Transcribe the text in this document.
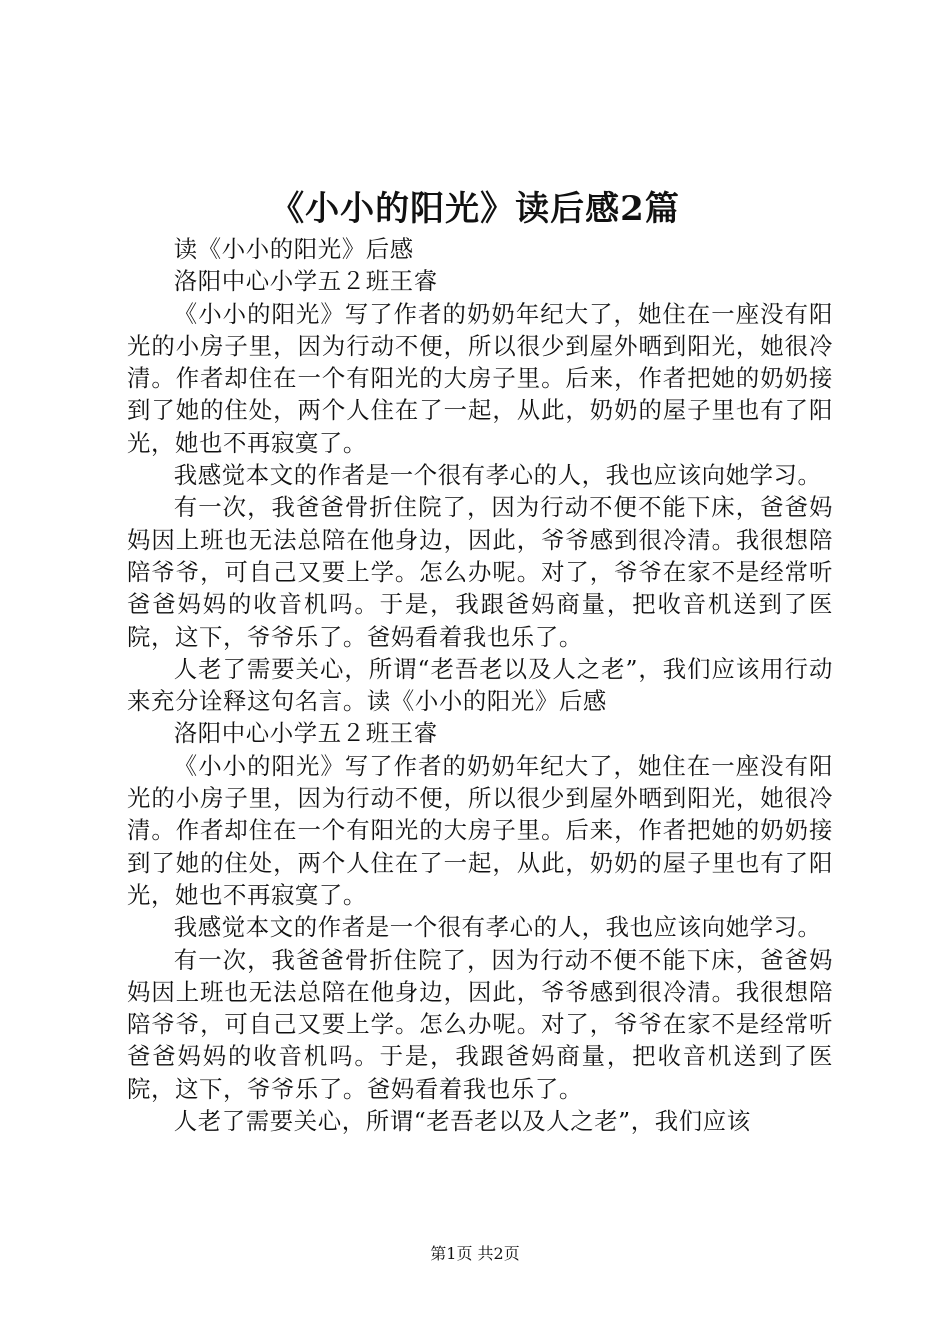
《小小的阳光》读后感2篇

读《小小的阳光》后感

洛阳中心小学五２班王睿

《小小的阳光》写了作者的奶奶年纪大了，她住在一座没有阳光的小房子里，因为行动不便，所以很少到屋外晒到阳光，她很冷清。作者却住在一个有阳光的大房子里。后来，作者把她的奶奶接到了她的住处，两个人住在了一起，从此，奶奶的屋子里也有了阳光，她也不再寂寞了。

我感觉本文的作者是一个很有孝心的人，我也应该向她学习。

有一次，我爸爸骨折住院了，因为行动不便不能下床，爸爸妈妈因上班也无法总陪在他身边，因此，爷爷感到很冷清。我很想陪陪爷爷，可自己又要上学。怎么办呢。对了，爷爷在家不是经常听爸爸妈妈的收音机吗。于是，我跟爸妈商量，把收音机送到了医院，这下，爷爷乐了。爸妈看着我也乐了。

人老了需要关心，所谓“老吾老以及人之老”，我们应该用行动来充分诠释这句名言。读《小小的阳光》后感

洛阳中心小学五２班王睿

《小小的阳光》写了作者的奶奶年纪大了，她住在一座没有阳光的小房子里，因为行动不便，所以很少到屋外晒到阳光，她很冷清。作者却住在一个有阳光的大房子里。后来，作者把她的奶奶接到了她的住处，两个人住在了一起，从此，奶奶的屋子里也有了阳光，她也不再寂寞了。

我感觉本文的作者是一个很有孝心的人，我也应该向她学习。

有一次，我爸爸骨折住院了，因为行动不便不能下床，爸爸妈妈因上班也无法总陪在他身边，因此，爷爷感到很冷清。我很想陪陪爷爷，可自己又要上学。怎么办呢。对了，爷爷在家不是经常听爸爸妈妈的收音机吗。于是，我跟爸妈商量，把收音机送到了医院，这下，爷爷乐了。爸妈看着我也乐了。

人老了需要关心，所谓“老吾老以及人之老”，我们应该

第1页 共2页
